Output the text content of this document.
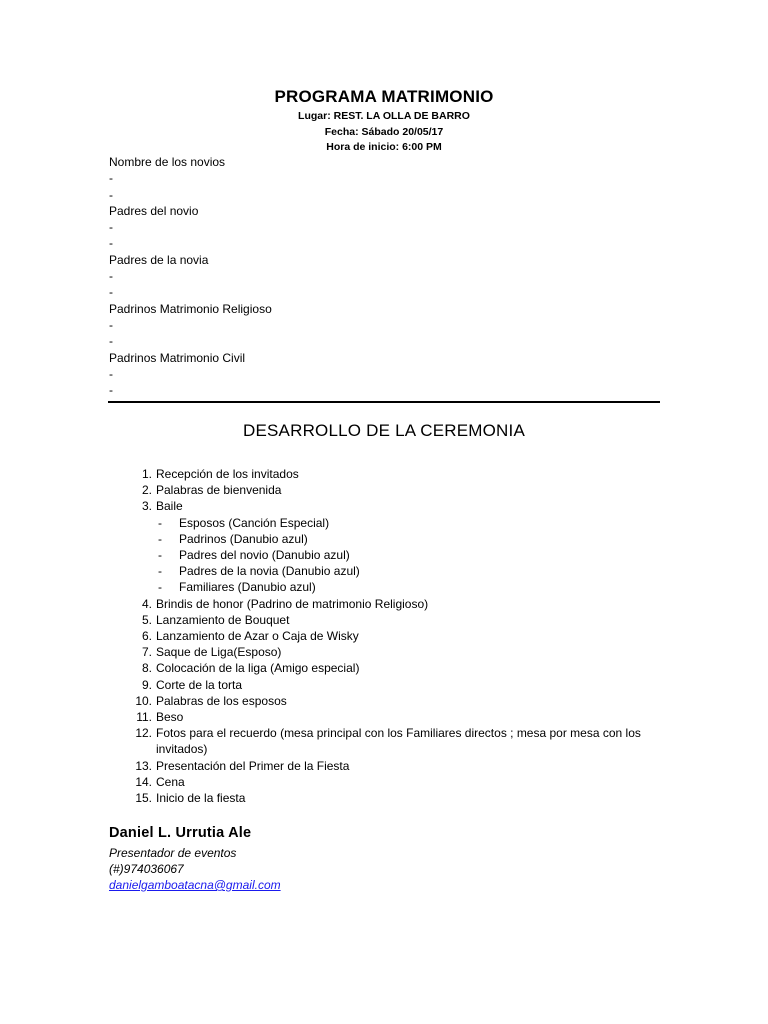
PROGRAMA MATRIMONIO
Lugar: REST. LA OLLA DE BARRO
Fecha: Sábado 20/05/17
Hora de inicio: 6:00 PM
Nombre de los novios
-
-
Padres del novio
-
-
Padres de la novia
-
-
Padrinos Matrimonio Religioso
-
-
Padrinos Matrimonio Civil
-
-
DESARROLLO DE LA CEREMONIA
1. Recepción de los invitados
2. Palabras de bienvenida
3. Baile
- Esposos (Canción Especial)
- Padrinos (Danubio azul)
- Padres del novio (Danubio azul)
- Padres de la novia (Danubio azul)
- Familiares (Danubio azul)
4. Brindis de honor (Padrino de matrimonio Religioso)
5. Lanzamiento de Bouquet
6. Lanzamiento de Azar o Caja de Wisky
7. Saque de Liga(Esposo)
8. Colocación de la liga (Amigo especial)
9. Corte de la torta
10. Palabras de los esposos
11. Beso
12. Fotos para el recuerdo (mesa principal con los Familiares directos ; mesa por mesa con los invitados)
13. Presentación del Primer de la Fiesta
14. Cena
15. Inicio de la fiesta
Daniel L. Urrutia Ale
Presentador de eventos
(#)974036067
danielgamboatacna@gmail.com
